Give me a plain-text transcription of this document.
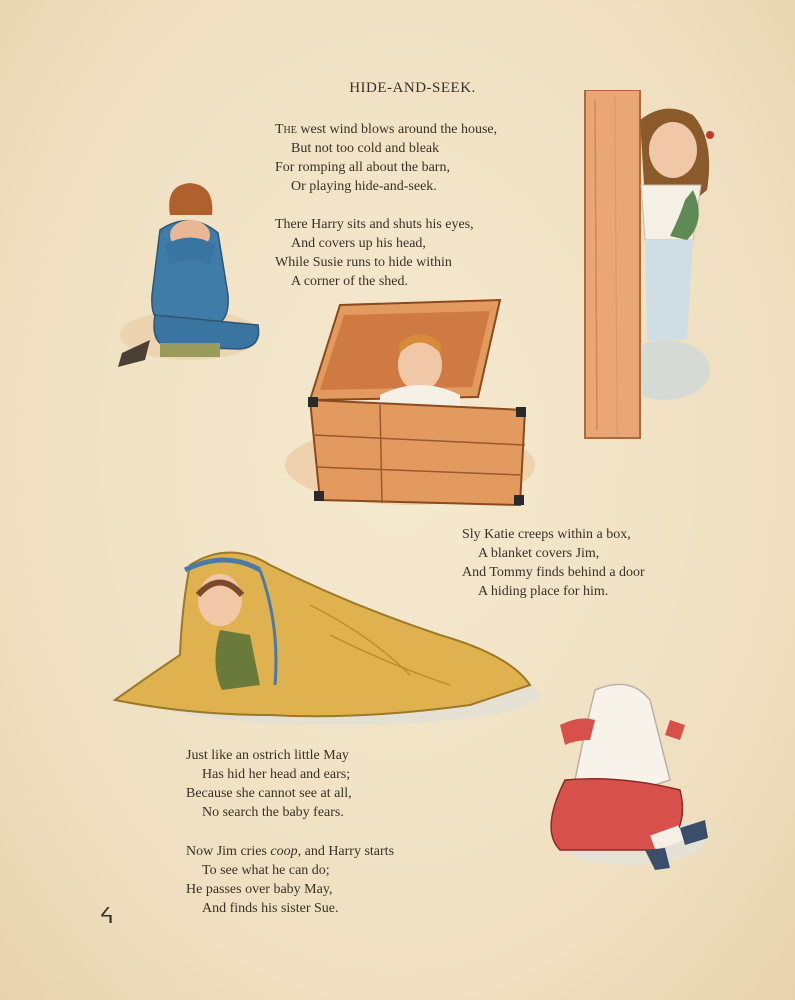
HIDE-AND-SEEK.
The west wind blows around the house,
But not too cold and bleak
For romping all about the barn,
Or playing hide-and-seek.
There Harry sits and shuts his eyes,
And covers up his head,
While Susie runs to hide within
A corner of the shed.
Sly Katie creeps within a box,
A blanket covers Jim,
And Tommy finds behind a door
A hiding place for him.
Just like an ostrich little May
Has hid her head and ears;
Because she cannot see at all,
No search the baby fears.
Now Jim cries coop, and Harry starts
To see what he can do;
He passes over baby May,
And finds his sister Sue.
ᔦ
